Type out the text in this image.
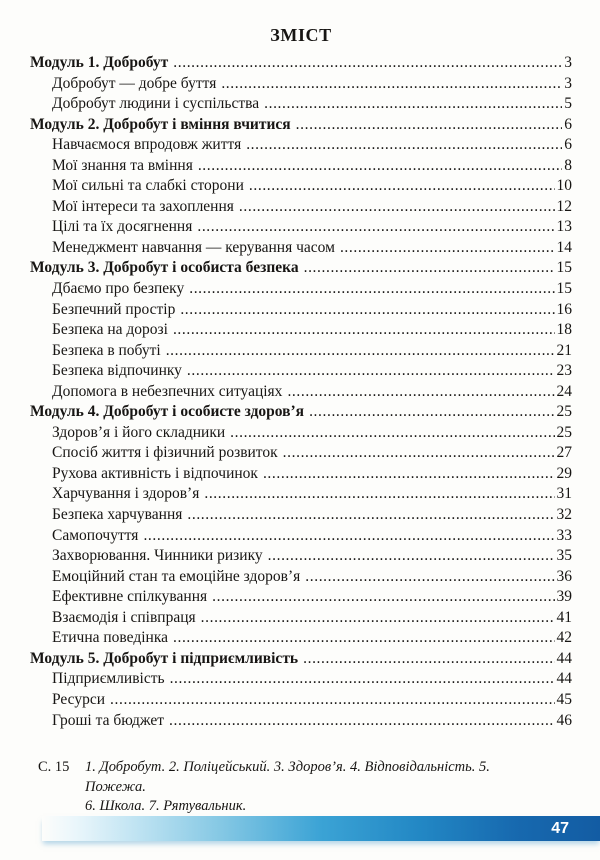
ЗМІСТ
Модуль 1. Добробут .....	3
Добробут — добре буття .....	3
Добробут людини і суспільства .....	5
Модуль 2. Добробут і вміння вчитися .....	6
Навчаємося впродовж життя .....	6
Мої знання та вміння .....	8
Мої сильні та слабкі сторони .....	10
Мої інтереси та захоплення .....	12
Цілі та їх досягнення .....	13
Менеджмент навчання — керування часом .....	14
Модуль 3. Добробут і особиста безпека .....	15
Дбаємо про безпеку .....	15
Безпечний простір .....	16
Безпека на дорозі .....	18
Безпека в побуті .....	21
Безпека відпочинку .....	23
Допомога в небезпечних ситуаціях .....	24
Модуль 4. Добробут і особисте здоров’я .....	25
Здоров’я і його складники .....	25
Спосіб життя і фізичний розвиток .....	27
Рухова активність і відпочинок .....	29
Харчування і здоров’я .....	31
Безпека харчування .....	32
Самопочуття .....	33
Захворювання. Чинники ризику .....	35
Емоційний стан та емоційне здоров’я .....	36
Ефективне спілкування .....	39
Взаємодія і співпраця .....	41
Етична поведінка .....	42
Модуль 5. Добробут і підприємливість .....	44
Підприємливість .....	44
Ресурси .....	45
Гроші та бюджет .....	46
С. 15	1. Добробут. 2. Поліцейський. 3. Здоров’я. 4. Відповідальність. 5. Пожежа.
6. Школа. 7. Рятувальник.
47
